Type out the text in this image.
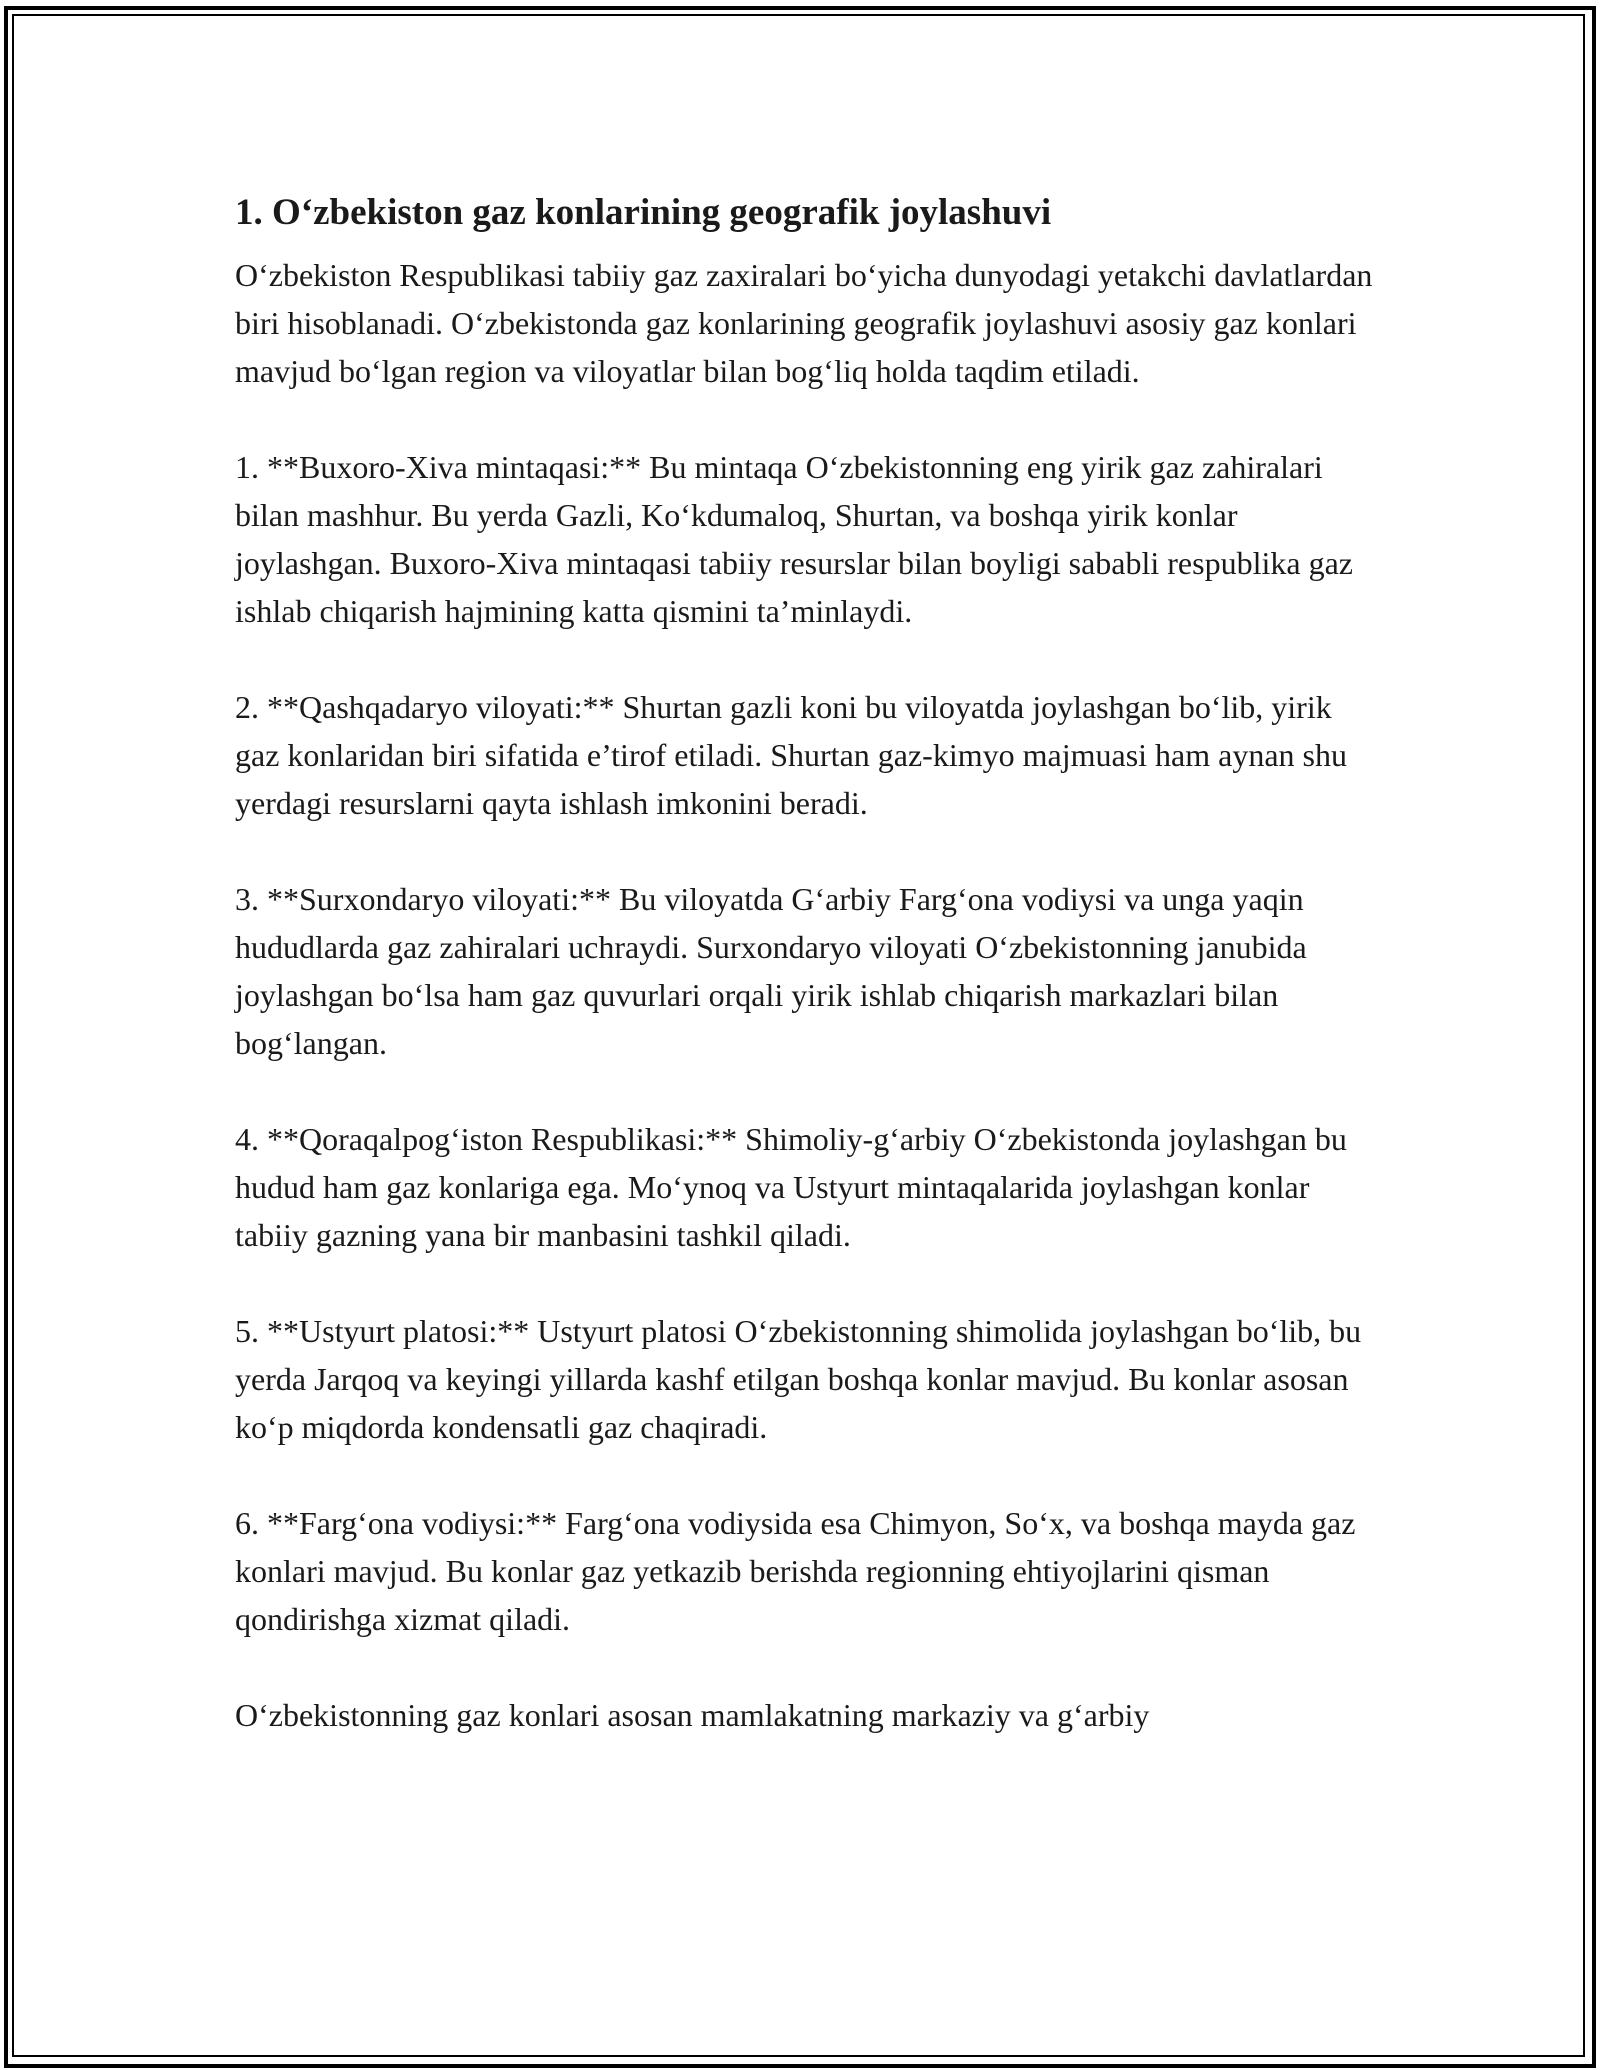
1. O‘zbekiston gaz konlarining geografik joylashuvi

O‘zbekiston Respublikasi tabiiy gaz zaxiralari bo‘yicha dunyodagi yetakchi davlatlardan biri hisoblanadi. O‘zbekistonda gaz konlarining geografik joylashuvi asosiy gaz konlari mavjud bo‘lgan region va viloyatlar bilan bog‘liq holda taqdim etiladi.

1. **Buxoro-Xiva mintaqasi:** Bu mintaqa O‘zbekistonning eng yirik gaz zahiralari bilan mashhur. Bu yerda Gazli, Ko‘kdumaloq, Shurtan, va boshqa yirik konlar joylashgan. Buxoro-Xiva mintaqasi tabiiy resurslar bilan boyligi sababli respublika gaz ishlab chiqarish hajmining katta qismini ta’minlaydi.

2. **Qashqadaryo viloyati:** Shurtan gazli koni bu viloyatda joylashgan bo‘lib, yirik gaz konlaridan biri sifatida e’tirof etiladi. Shurtan gaz-kimyo majmuasi ham aynan shu yerdagi resurslarni qayta ishlash imkonini beradi.

3. **Surxondaryo viloyati:** Bu viloyatda G‘arbiy Farg‘ona vodiysi va unga yaqin hududlarda gaz zahiralari uchraydi. Surxondaryo viloyati O‘zbekistonning janubida joylashgan bo‘lsa ham gaz quvurlari orqali yirik ishlab chiqarish markazlari bilan bog‘langan.

4. **Qoraqalpog‘iston Respublikasi:** Shimoliy-g‘arbiy O‘zbekistonda joylashgan bu hudud ham gaz konlariga ega. Mo‘ynoq va Ustyurt mintaqalarida joylashgan konlar tabiiy gazning yana bir manbasini tashkil qiladi.

5. **Ustyurt platosi:** Ustyurt platosi O‘zbekistonning shimolida joylashgan bo‘lib, bu yerda Jarqoq va keyingi yillarda kashf etilgan boshqa konlar mavjud. Bu konlar asosan ko‘p miqdorda kondensatli gaz chaqiradi.

6. **Farg‘ona vodiysi:** Farg‘ona vodiysida esa Chimyon, So‘x, va boshqa mayda gaz konlari mavjud. Bu konlar gaz yetkazib berishda regionning ehtiyojlarini qisman qondirishga xizmat qiladi.

O‘zbekistonning gaz konlari asosan mamlakatning markaziy va g‘arbiy
